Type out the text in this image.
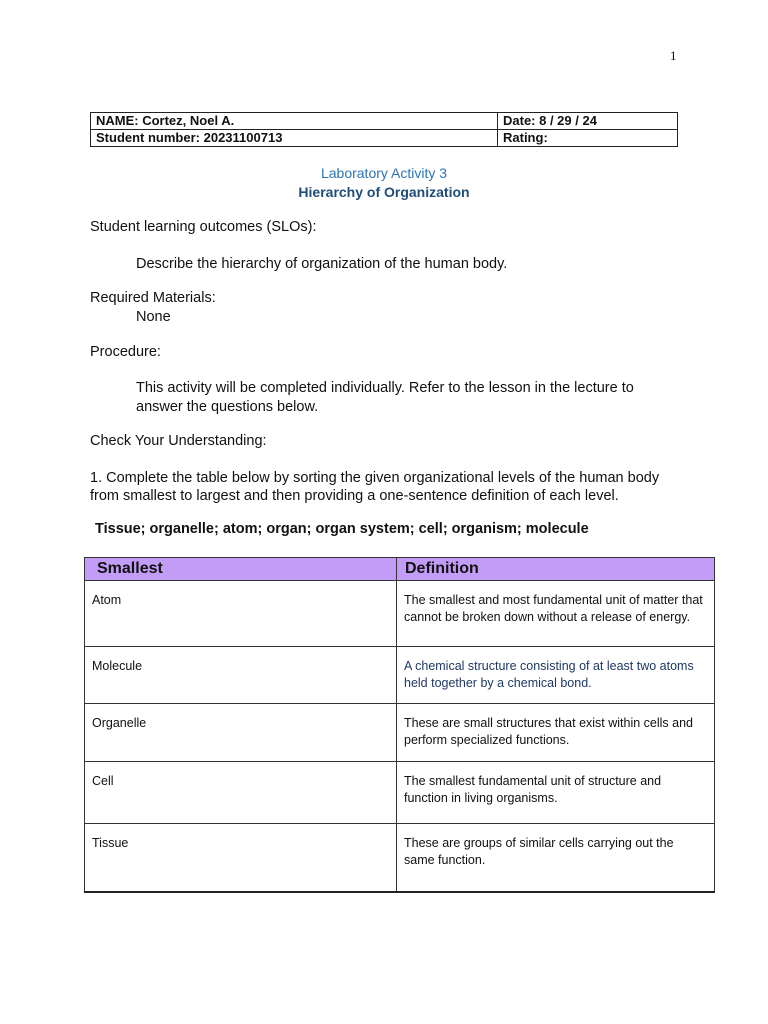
1
NAME: Cortez, Noel A.	Date: 8 / 29 / 24
Student number: 20231100713	Rating:
Laboratory Activity 3
Hierarchy of Organization
Student learning outcomes (SLOs):
Describe the hierarchy of organization of the human body.
Required Materials:
None
Procedure:
This activity will be completed individually. Refer to the lesson in the lecture to answer the questions below.
Check Your Understanding:
1. Complete the table below by sorting the given organizational levels of the human body from smallest to largest and then providing a one-sentence definition of each level.
Tissue; organelle; atom; organ; organ system; cell; organism; molecule
Smallest	Definition
Atom	The smallest and most fundamental unit of matter that cannot be broken down without a release of energy.
Molecule	A chemical structure consisting of at least two atoms held together by a chemical bond.
Organelle	These are small structures that exist within cells and perform specialized functions.
Cell	The smallest fundamental unit of structure and function in living organisms.
Tissue	These are groups of similar cells carrying out the same function.
